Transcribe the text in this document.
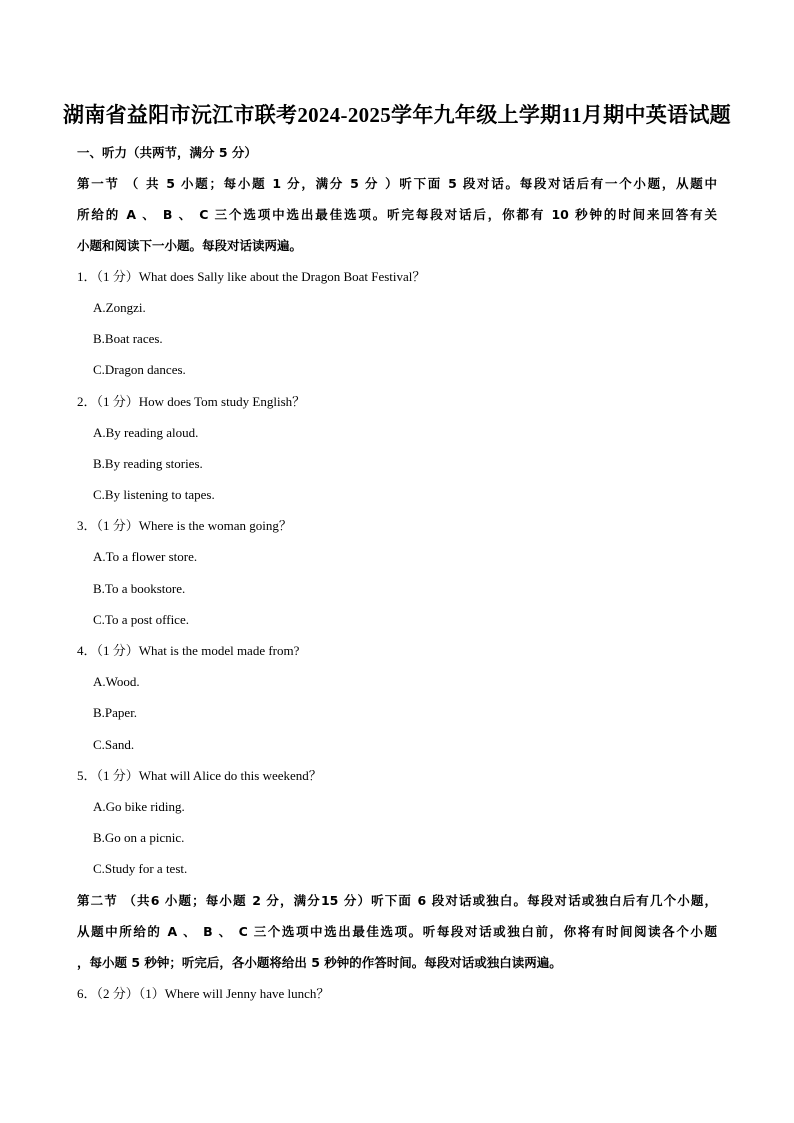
湖南省益阳市沅江市联考2024-2025学年九年级上学期11月期中英语试题
一、听力（共两节，满分 5 分）
第一节 （ 共 5 小题；每小题 1 分，满分 5 分 ）听下面 5 段对话。每段对话后有一个小题，从题中
所给的 A 、 B 、 C 三个选项中选出最佳选项。听完每段对话后，你都有 10 秒钟的时间来回答有关
小题和阅读下一小题。每段对话读两遍。
1．（1 分）What does Sally like about the Dragon Boat Festival？
A.Zongzi.
B.Boat races.
C.Dragon dances.
2．（1 分）How does Tom study English？
A.By reading aloud.
B.By reading stories.
C.By listening to tapes.
3．（1 分）Where is the woman going？
A.To a flower store.
B.To a bookstore.
C.To a post office.
4．（1 分）What is the model made from?
A.Wood.
B.Paper.
C.Sand.
5．（1 分）What will Alice do this weekend？
A.Go bike riding.
B.Go on a picnic.
C.Study for a test.
第二节 （共6 小题；每小题 2 分，满分15 分）听下面 6 段对话或独白。每段对话或独白后有几个小题，
从题中所给的 A 、 B 、 C 三个选项中选出最佳选项。听每段对话或独白前，你将有时间阅读各个小题
，每小题 5 秒钟；听完后，各小题将给出 5 秒钟的作答时间。每段对话或独白读两遍。
6．（2 分）（1）Where will Jenny have lunch？
